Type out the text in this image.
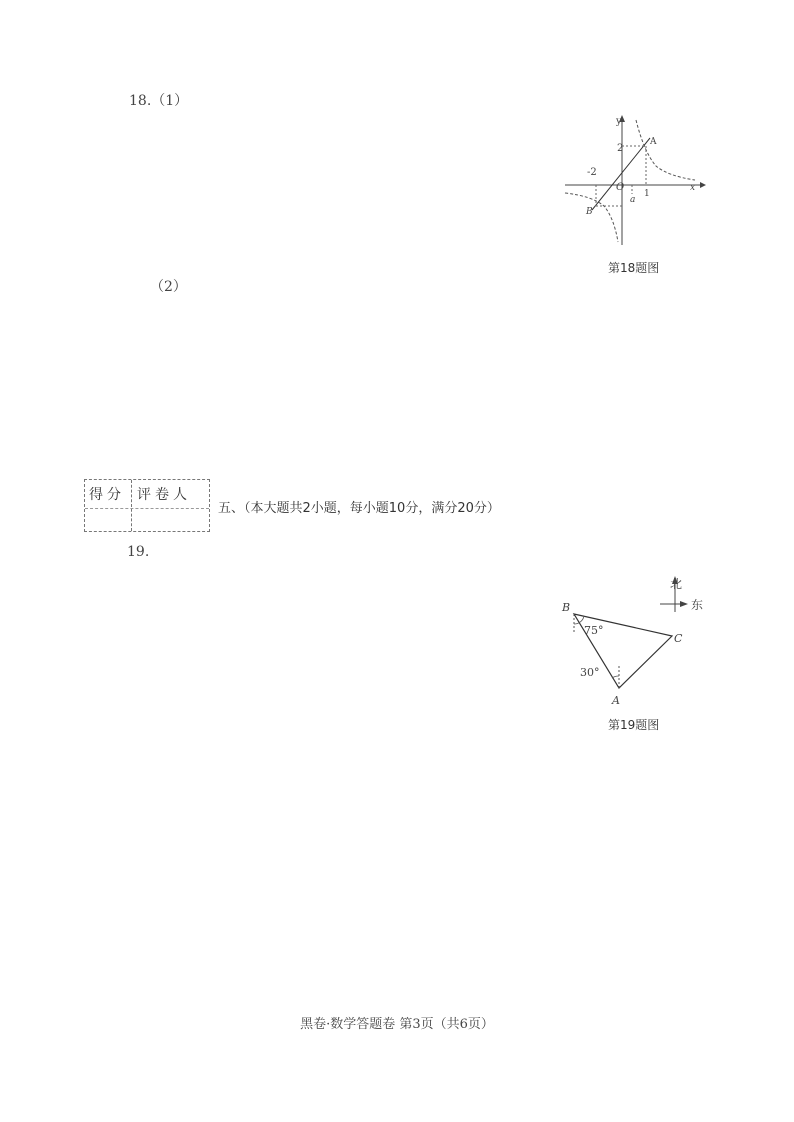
18.（1）
（2）
y
x
O
A
B
2
-2
a
1
第18题图
得分 评卷人
五、（本大题共2小题，每小题10分，满分20分）
19.
北
东
B
C
A
75°
30°
第19题图
黑卷·数学答题卷 第3页（共6页）
